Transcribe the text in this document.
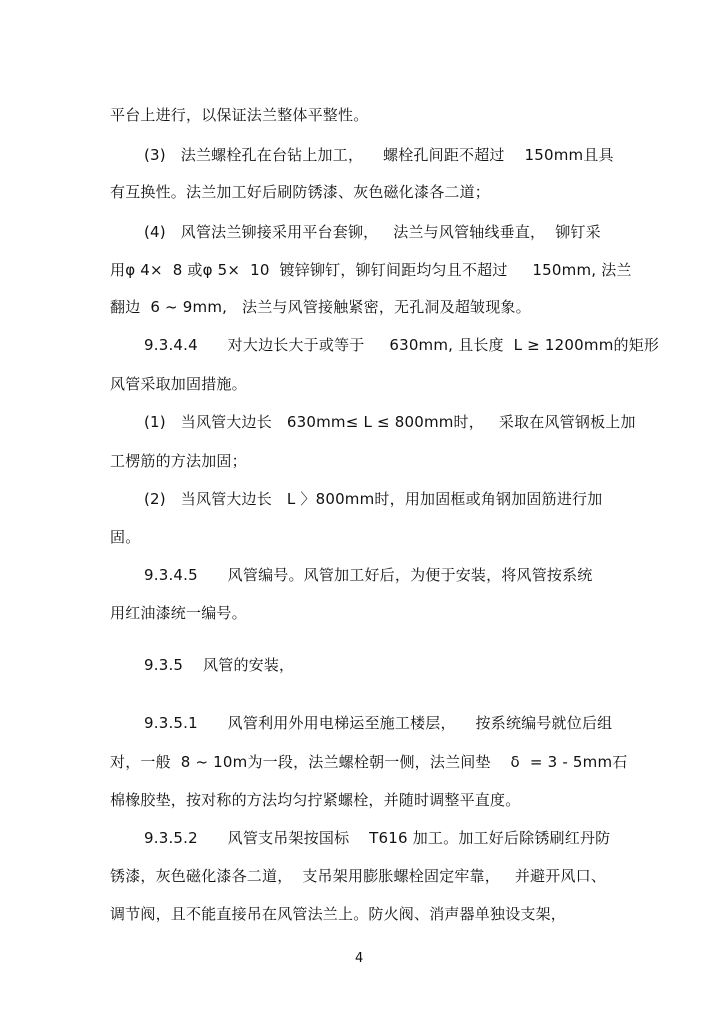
平台上进行，以保证法兰整体平整性。
(3)   法兰螺栓孔在台钻上加工，    螺栓孔间距不超过    150mm且具
有互换性。法兰加工好后刷防锈漆、灰色磁化漆各二道；
(4)   风管法兰铆接采用平台套铆，   法兰与风管轴线垂直，  铆钉采
用φ 4×  8 或φ 5×  10  镀锌铆钉，铆钉间距均匀且不超过     150mm, 法兰
翻边  6 ~ 9mm,   法兰与风管接触紧密，无孔洞及超皱现象。
9.3.4.4      对大边长大于或等于     630mm, 且长度  L ≥ 1200mm的矩形
风管采取加固措施。
(1)   当风管大边长   630mm≤ L ≤ 800mm时，   采取在风管钢板上加
工楞筋的方法加固；
(2)   当风管大边长   L 〉800mm时，用加固框或角钢加固筋进行加
固。
9.3.4.5      风管编号。风管加工好后，为便于安装，将风管按系统
用红油漆统一编号。
9.3.5    风管的安装，
9.3.5.1      风管利用外用电梯运至施工楼层，    按系统编号就位后组
对，一般  8 ~ 10m为一段，法兰螺栓朝一侧，法兰间垫    δ  = 3 - 5mm石
棉橡胶垫，按对称的方法均匀拧紧螺栓，并随时调整平直度。
9.3.5.2      风管支吊架按国标    T616 加工。加工好后除锈刷红丹防
锈漆，灰色磁化漆各二道，  支吊架用膨胀螺栓固定牢靠，   并避开风口、
调节阀，且不能直接吊在风管法兰上。防火阀、消声器单独设支架，
4
